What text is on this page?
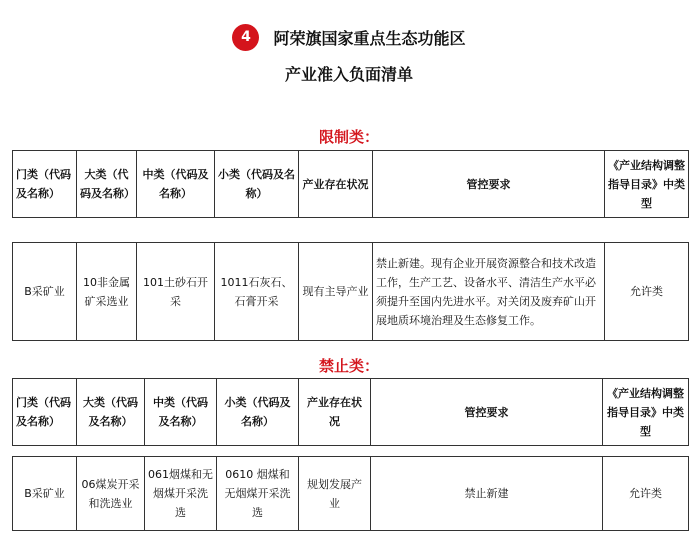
4	阿荣旗国家重点生态功能区
产业准入负面清单
限制类：
门类（代码及名称）	大类（代码及名称）	中类（代码及名称）	小类（代码及名称）	产业存在状况	管控要求	《产业结构调整指导目录》中类型
B采矿业	10非金属矿采选业	101土砂石开采	1011石灰石、石膏开采	现有主导产业	禁止新建。现有企业开展资源整合和技术改造工作，生产工艺、设备水平、清洁生产水平必须提升至国内先进水平。对关闭及废弃矿山开展地质环境治理及生态修复工作。	允许类
禁止类：
门类（代码及名称）	大类（代码及名称）	中类（代码及名称）	小类（代码及名称）	产业存在状况	管控要求	《产业结构调整指导目录》中类型
B采矿业	06煤炭开采和洗选业	061烟煤和无烟煤开采洗选	0610 烟煤和无烟煤开采洗选	规划发展产业	禁止新建	允许类
